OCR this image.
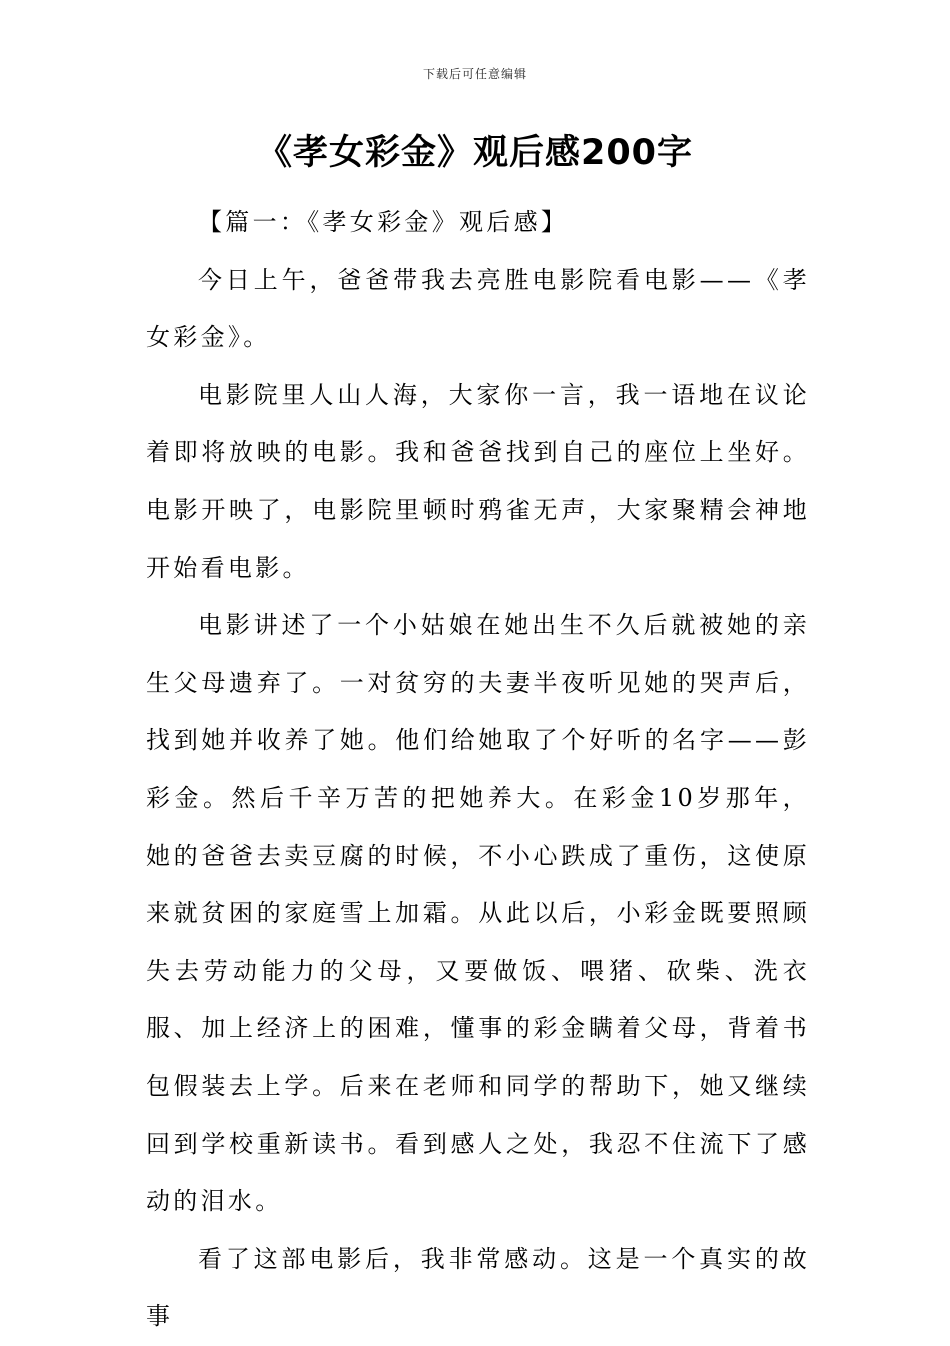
下载后可任意编辑
《孝女彩金》观后感200字

【篇一：《孝女彩金》观后感】

今日上午，爸爸带我去亮胜电影院看电影——《孝女彩金》。

电影院里人山人海，大家你一言，我一语地在议论着即将放映的电影。我和爸爸找到自己的座位上坐好。电影开映了，电影院里顿时鸦雀无声，大家聚精会神地开始看电影。

电影讲述了一个小姑娘在她出生不久后就被她的亲生父母遗弃了。一对贫穷的夫妻半夜听见她的哭声后，找到她并收养了她。他们给她取了个好听的名字——彭彩金。然后千辛万苦的把她养大。在彩金10岁那年，她的爸爸去卖豆腐的时候，不小心跌成了重伤，这使原来就贫困的家庭雪上加霜。从此以后，小彩金既要照顾失去劳动能力的父母，又要做饭、喂猪、砍柴、洗衣服、加上经济上的困难，懂事的彩金瞒着父母，背着书包假装去上学。后来在老师和同学的帮助下，她又继续回到学校重新读书。看到感人之处，我忍不住流下了感动的泪水。

看了这部电影后，我非常感动。这是一个真实的故事
